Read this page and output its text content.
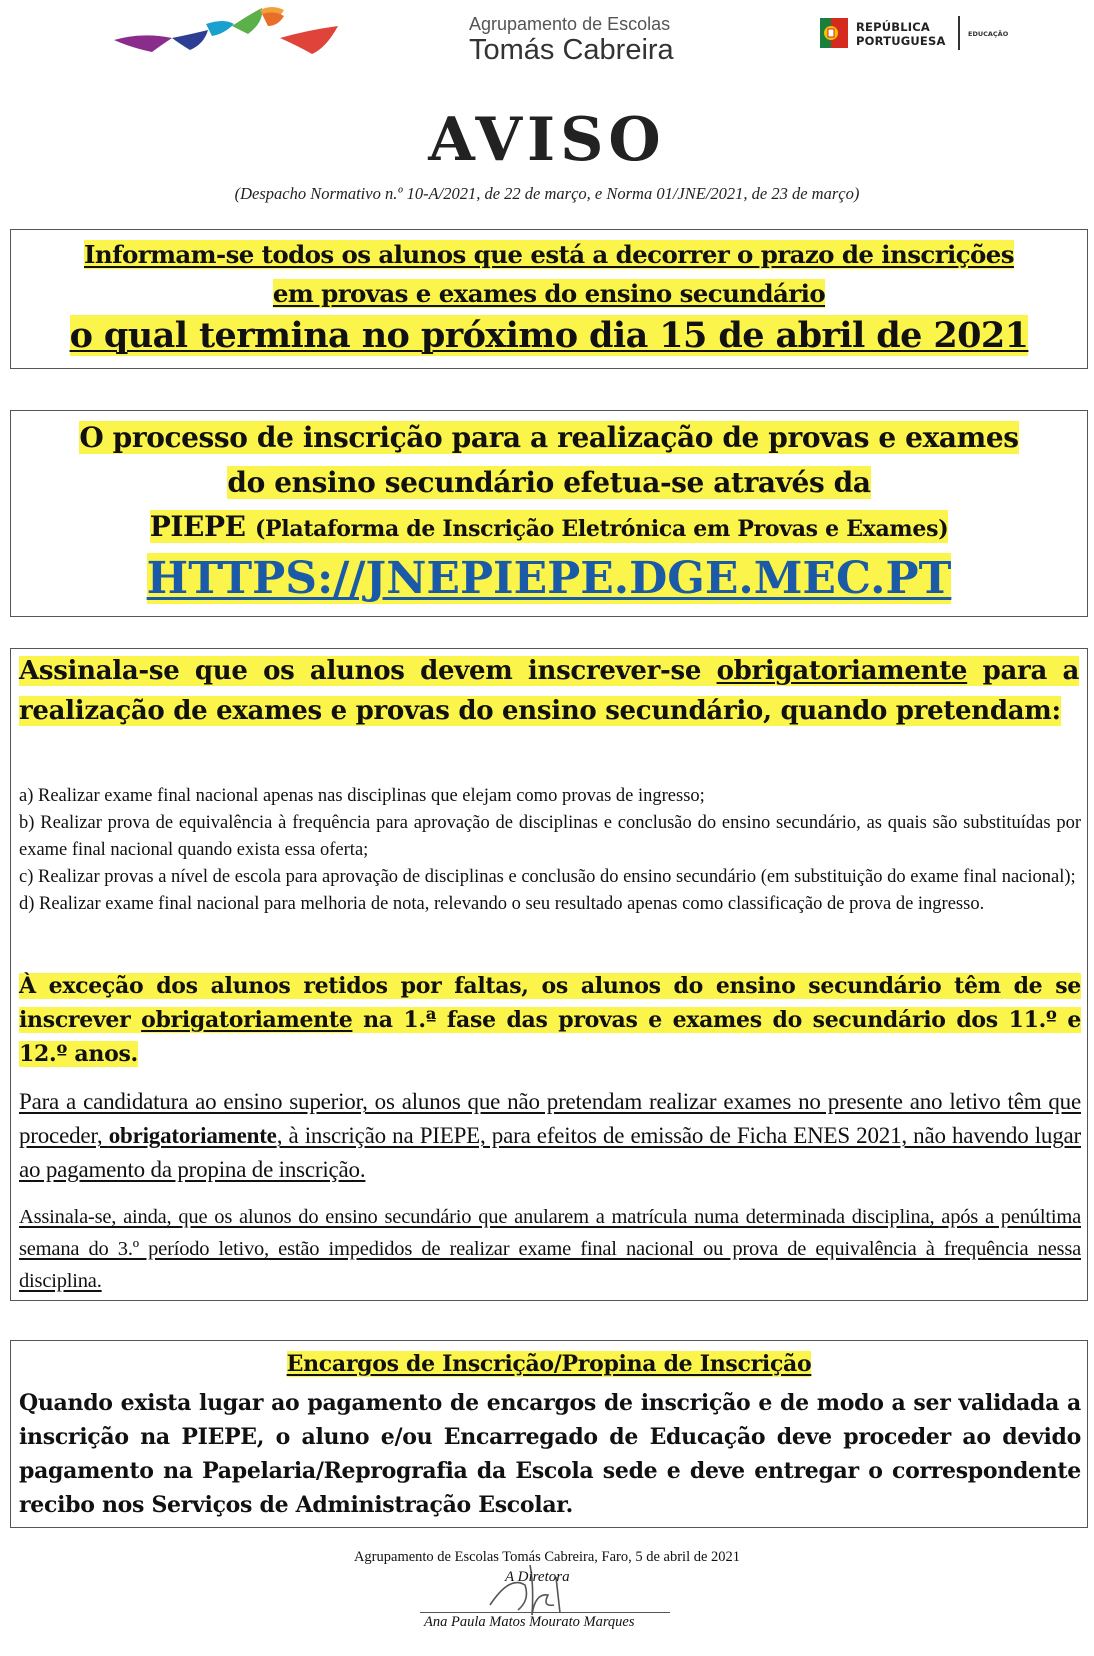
Agrupamento de Escolas
Tomás Cabreira
REPÚBLICA
PORTUGUESA	EDUCAÇÃO
AVISO
(Despacho Normativo n.º 10-A/2021, de 22 de março, e Norma 01/JNE/2021, de 23 de março)
Informam-se todos os alunos que está a decorrer o prazo de inscrições
em provas e exames do ensino secundário
o qual termina no próximo dia 15 de abril de 2021
O processo de inscrição para a realização de provas e exames
do ensino secundário efetua-se através da
PIEPE (Plataforma de Inscrição Eletrónica em Provas e Exames)
HTTPS://JNEPIEPE.DGE.MEC.PT
Assinala-se que os alunos devem inscrever-se obrigatoriamente para a realização de exames e provas do ensino secundário, quando pretendam:
a) Realizar exame final nacional apenas nas disciplinas que elejam como provas de ingresso;
b) Realizar prova de equivalência à frequência para aprovação de disciplinas e conclusão do ensino secundário, as quais são substituídas por exame final nacional quando exista essa oferta;
c) Realizar provas a nível de escola para aprovação de disciplinas e conclusão do ensino secundário (em substituição do exame final nacional);
d) Realizar exame final nacional para melhoria de nota, relevando o seu resultado apenas como classificação de prova de ingresso.
À exceção dos alunos retidos por faltas, os alunos do ensino secundário têm de se inscrever obrigatoriamente na 1.ª fase das provas e exames do secundário dos 11.º e 12.º anos.
Para a candidatura ao ensino superior, os alunos que não pretendam realizar exames no presente ano letivo têm que proceder, obrigatoriamente, à inscrição na PIEPE, para efeitos de emissão de Ficha ENES 2021, não havendo lugar ao pagamento da propina de inscrição.
Assinala-se, ainda, que os alunos do ensino secundário que anularem a matrícula numa determinada disciplina, após a penúltima semana do 3.º período letivo, estão impedidos de realizar exame final nacional ou prova de equivalência à frequência nessa disciplina.
Encargos de Inscrição/Propina de Inscrição
Quando exista lugar ao pagamento de encargos de inscrição e de modo a ser validada a inscrição na PIEPE, o aluno e/ou Encarregado de Educação deve proceder ao devido pagamento na Papelaria/Reprografia da Escola sede e deve entregar o correspondente recibo nos Serviços de Administração Escolar.
Agrupamento de Escolas Tomás Cabreira, Faro, 5 de abril de 2021
A Diretora
Ana Paula Matos Mourato Marques
